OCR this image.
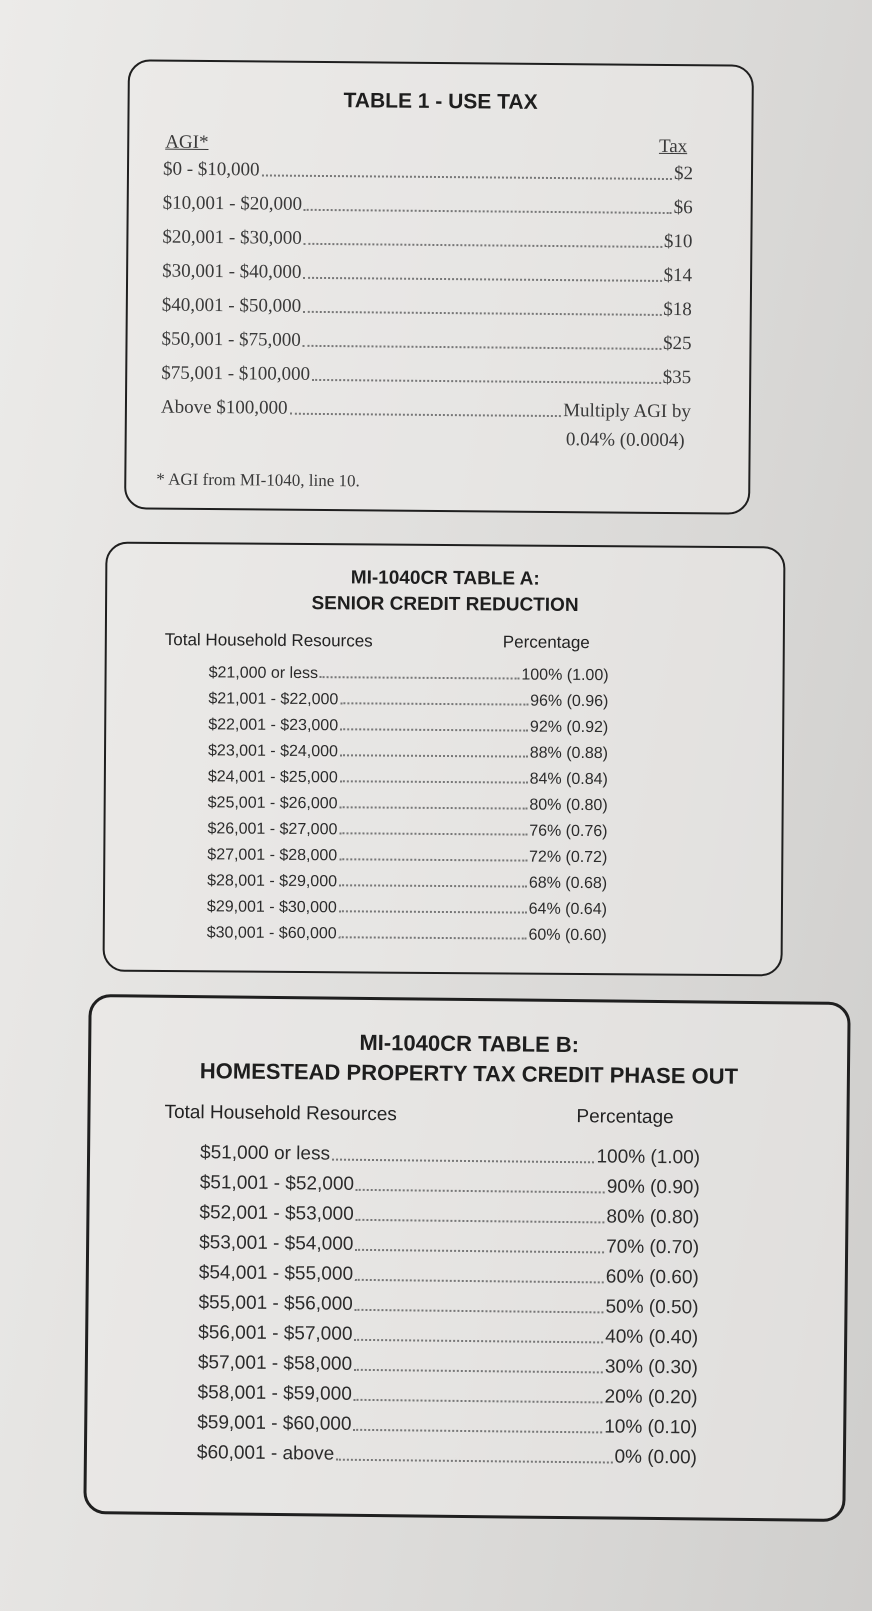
TABLE 1 - USE TAX
AGI*	Tax
$0 - $10,000	$2
$10,001 - $20,000	$6
$20,001 - $30,000	$10
$30,001 - $40,000	$14
$40,001 - $50,000	$18
$50,001 - $75,000	$25
$75,001 - $100,000	$35
Above $100,000	Multiply AGI by
0.04% (0.0004)
* AGI from MI-1040, line 10.
MI-1040CR TABLE A:
SENIOR CREDIT REDUCTION
Total Household Resources	Percentage
$21,000 or less	100% (1.00)
$21,001 - $22,000	96% (0.96)
$22,001 - $23,000	92% (0.92)
$23,001 - $24,000	88% (0.88)
$24,001 - $25,000	84% (0.84)
$25,001 - $26,000	80% (0.80)
$26,001 - $27,000	76% (0.76)
$27,001 - $28,000	72% (0.72)
$28,001 - $29,000	68% (0.68)
$29,001 - $30,000	64% (0.64)
$30,001 - $60,000	60% (0.60)
MI-1040CR TABLE B:
HOMESTEAD PROPERTY TAX CREDIT PHASE OUT
Total Household Resources	Percentage
$51,000 or less	100% (1.00)
$51,001 - $52,000	90% (0.90)
$52,001 - $53,000	80% (0.80)
$53,001 - $54,000	70% (0.70)
$54,001 - $55,000	60% (0.60)
$55,001 - $56,000	50% (0.50)
$56,001 - $57,000	40% (0.40)
$57,001 - $58,000	30% (0.30)
$58,001 - $59,000	20% (0.20)
$59,001 - $60,000	10% (0.10)
$60,001 - above	0% (0.00)
